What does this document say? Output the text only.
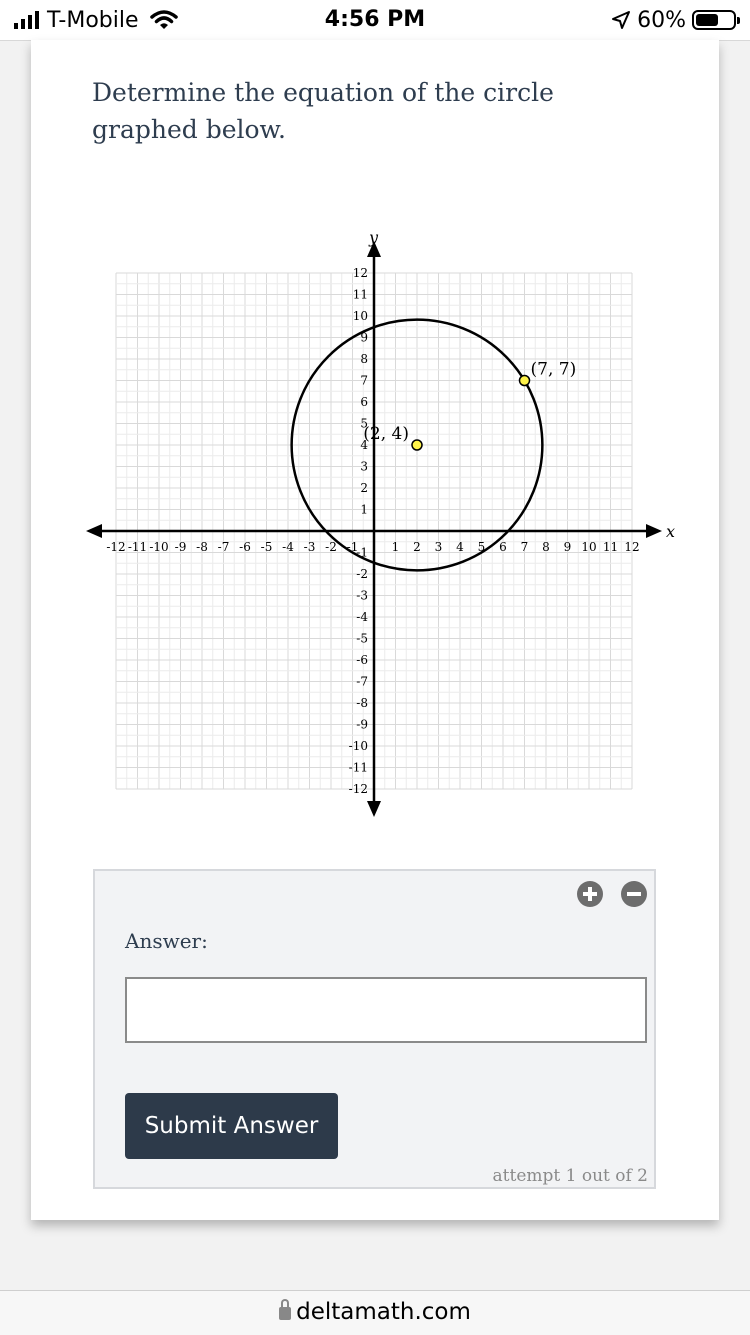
T-Mobile	4:56 PM	60%
Determine the equation of the circle graphed below.
x
y
-12 -11 -10 -9 -8 -7 -6 -5 -4 -3 -2 -1	1 2 3 4 5 6 7 8 9 10 11 12
-12
-11
-10
-9
-8
-7
-6
-5
-4
-3
-2
-1
1
2
3
4
5
6
7
8
9
10
11
12
(2, 4)
(7, 7)
Answer:
Submit Answer
attempt 1 out of 2
deltamath.com
